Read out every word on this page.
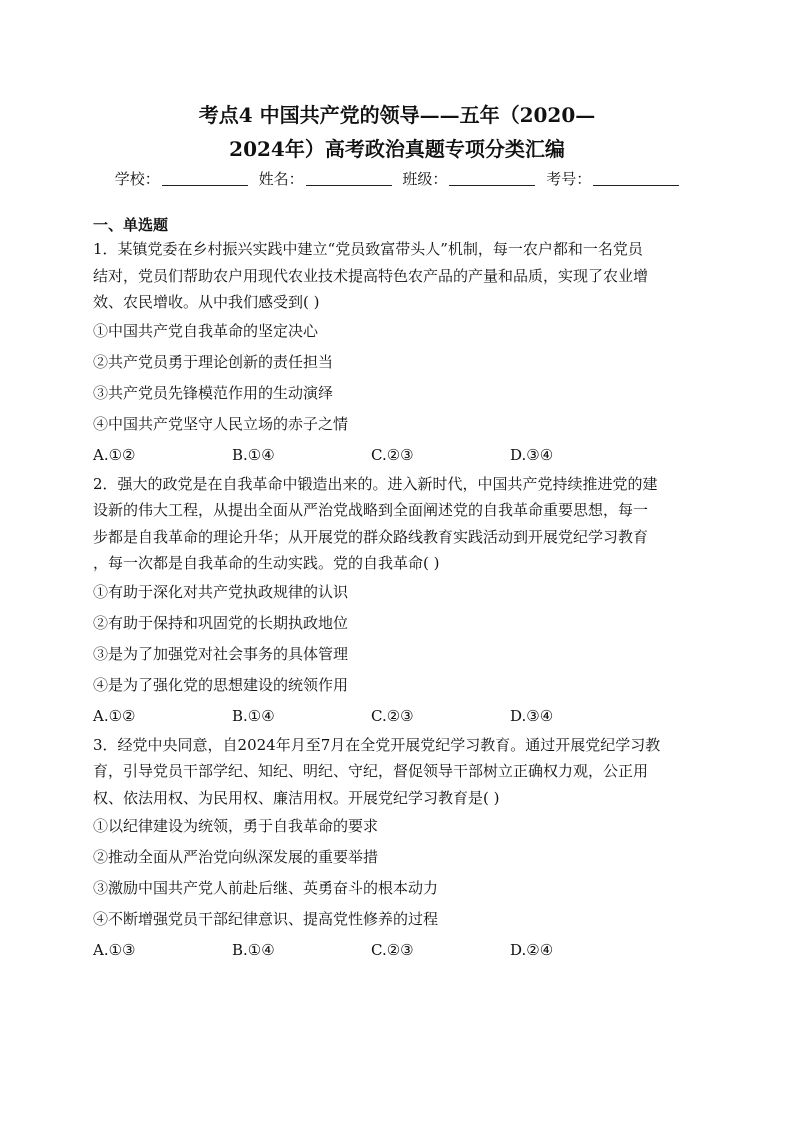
考点4 中国共产党的领导——五年（2020—
2024年）高考政治真题专项分类汇编
学校：	姓名：	班级：	考号：
一、单选题
1．某镇党委在乡村振兴实践中建立“党员致富带头人”机制，每一农户都和一名党员
结对，党员们帮助农户用现代农业技术提高特色农产品的产量和品质，实现了农业增
效、农民增收。从中我们感受到( )
①中国共产党自我革命的坚定决心
②共产党员勇于理论创新的责任担当
③共产党员先锋模范作用的生动演绎
④中国共产党坚守人民立场的赤子之情
A.①②	B.①④	C.②③	D.③④
2．强大的政党是在自我革命中锻造出来的。进入新时代，中国共产党持续推进党的建
设新的伟大工程，从提出全面从严治党战略到全面阐述党的自我革命重要思想，每一
步都是自我革命的理论升华；从开展党的群众路线教育实践活动到开展党纪学习教育
，每一次都是自我革命的生动实践。党的自我革命( )
①有助于深化对共产党执政规律的认识
②有助于保持和巩固党的长期执政地位
③是为了加强党对社会事务的具体管理
④是为了强化党的思想建设的统领作用
A.①②	B.①④	C.②③	D.③④
3．经党中央同意，自2024年月至7月在全党开展党纪学习教育。通过开展党纪学习教
育，引导党员干部学纪、知纪、明纪、守纪，督促领导干部树立正确权力观，公正用
权、依法用权、为民用权、廉洁用权。开展党纪学习教育是( )
①以纪律建设为统领，勇于自我革命的要求
②推动全面从严治党向纵深发展的重要举措
③激励中国共产党人前赴后继、英勇奋斗的根本动力
④不断增强党员干部纪律意识、提高党性修养的过程
A.①③	B.①④	C.②③	D.②④
